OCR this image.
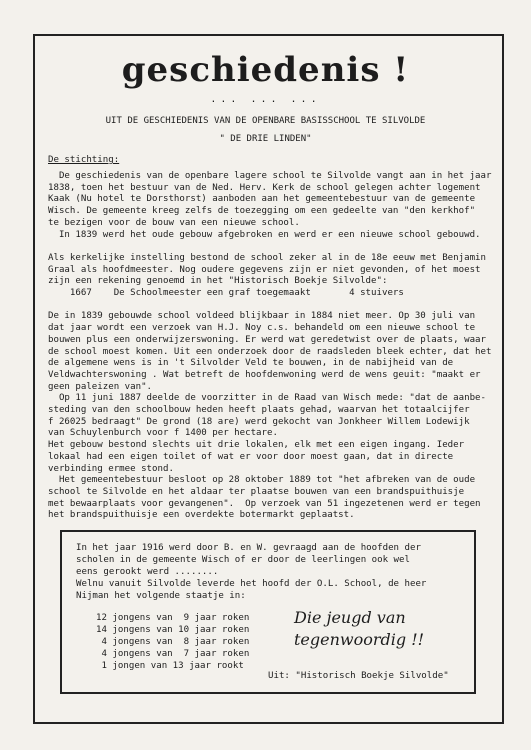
geschiedenis !
... ... ...
UIT DE GESCHIEDENIS VAN DE OPENBARE BASISSCHOOL TE SILVOLDE
" DE DRIE LINDEN"
De stichting:
De geschiedenis van de openbare lagere school te Silvolde vangt aan in het jaar
1838, toen het bestuur van de Ned. Herv. Kerk de school gelegen achter logement
Kaak (Nu hotel te Dorsthorst) aanboden aan het gemeentebestuur van de gemeente
Wisch. De gemeente kreeg zelfs de toezegging om een gedeelte van "den kerkhof"
te bezigen voor de bouw van een nieuwe school.
In 1839 werd het oude gebouw afgebroken en werd er een nieuwe school gebouwd.
Als kerkelijke instelling bestond de school zeker al in de 18e eeuw met Benjamin
Graal als hoofdmeester. Nog oudere gegevens zijn er niet gevonden, of het moest
zijn een rekening genoemd in het "Historisch Boekje Silvolde":
1667    De Schoolmeester een graf toegemaakt       4 stuivers
De in 1839 gebouwde school voldeed blijkbaar in 1884 niet meer. Op 30 juli van
dat jaar wordt een verzoek van H.J. Noy c.s. behandeld om een nieuwe school te
bouwen plus een onderwijzerswoning. Er werd wat geredetwist over de plaats, waar
de school moest komen. Uit een onderzoek door de raadsleden bleek echter, dat het
de algemene wens is in 't Silvolder Veld te bouwen, in de nabijheid van de
Veldwachterswoning . Wat betreft de hoofdenwoning werd de wens geuit: "maakt er
geen paleizen van".
Op 11 juni 1887 deelde de voorzitter in de Raad van Wisch mede: "dat de aanbe-
steding van den schoolbouw heden heeft plaats gehad, waarvan het totaalcijfer
f 26025 bedraagt" De grond (18 are) werd gekocht van Jonkheer Willem Lodewijk
van Schuylenburch voor f 1400 per hectare.
Het gebouw bestond slechts uit drie lokalen, elk met een eigen ingang. Ieder
lokaal had een eigen toilet of wat er voor door moest gaan, dat in directe
verbinding ermee stond.
Het gemeentebestuur besloot op 28 oktober 1889 tot "het afbreken van de oude
school te Silvolde en het aldaar ter plaatse bouwen van een brandspuithuisje
met bewaarplaats voor gevangenen".  Op verzoek van 51 ingezetenen werd er tegen
het brandspuithuisje een overdekte botermarkt geplaatst.
In het jaar 1916 werd door B. en W. gevraagd aan de hoofden der
scholen in de gemeente Wisch of er door de leerlingen ook wel
eens gerookt werd ........
Welnu vanuit Silvolde leverde het hoofd der O.L. School, de heer
Nijman het volgende staatje in:
12 jongens van  9 jaar roken
14 jongens van 10 jaar roken
4 jongens van  8 jaar roken
4 jongens van  7 jaar roken
1 jongen van 13 jaar rookt
Die jeugd van
tegenwoordig !!
Uit: "Historisch Boekje Silvolde"
